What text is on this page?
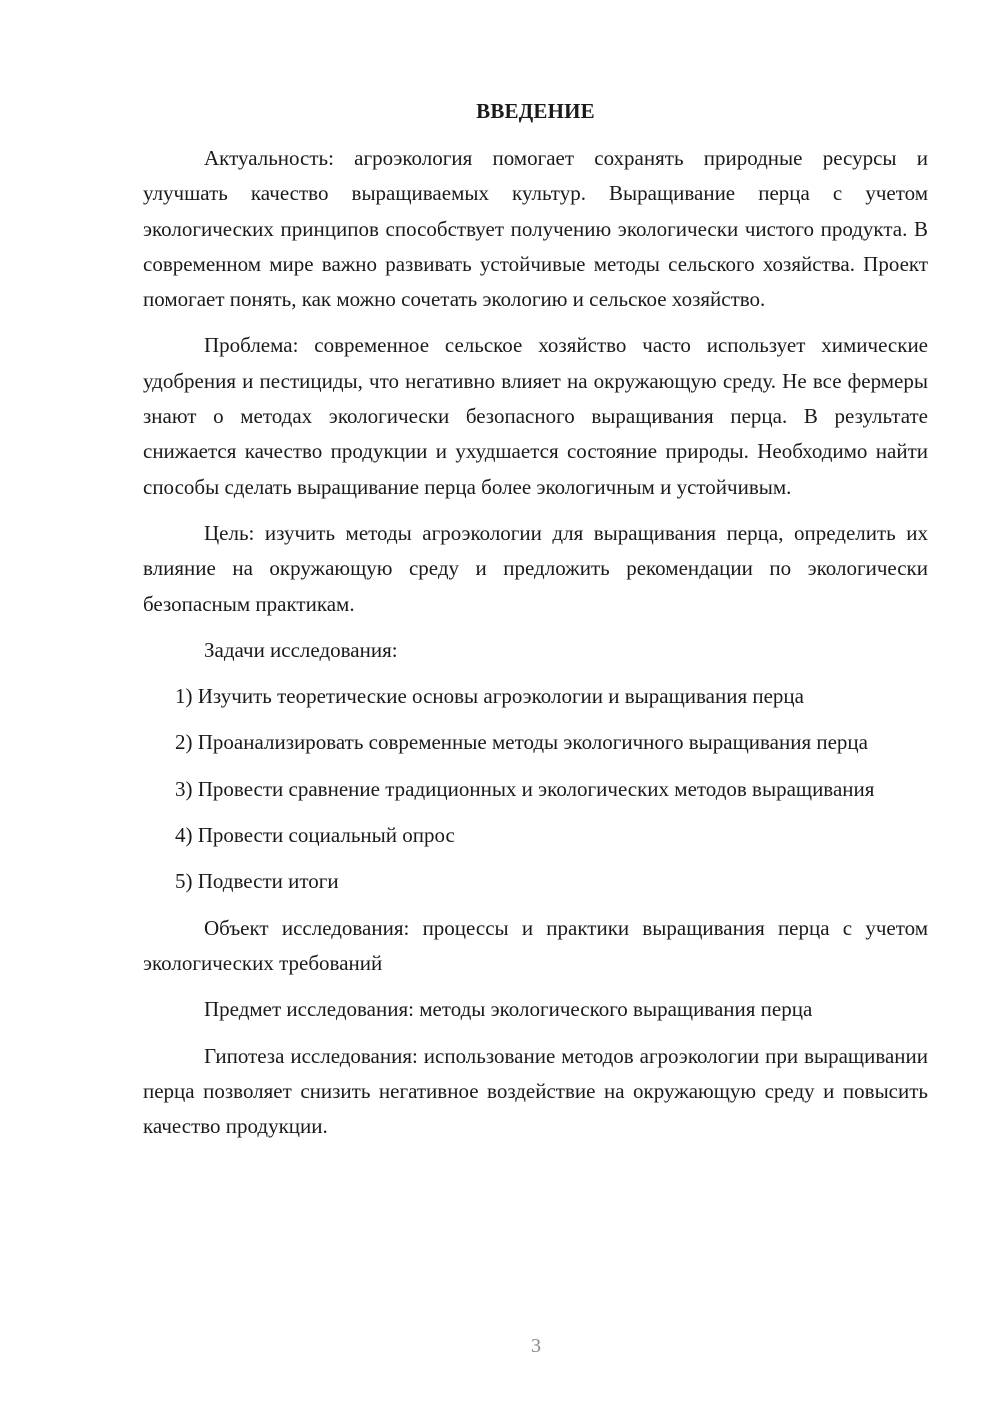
ВВЕДЕНИЕ

Актуальность: агроэкология помогает сохранять природные ресурсы и улучшать качество выращиваемых культур. Выращивание перца с учетом экологических принципов способствует получению экологически чистого продукта. В современном мире важно развивать устойчивые методы сельского хозяйства. Проект помогает понять, как можно сочетать экологию и сельское хозяйство.

Проблема: современное сельское хозяйство часто использует химические удобрения и пестициды, что негативно влияет на окружающую среду. Не все фермеры знают о методах экологически безопасного выращивания перца. В результате снижается качество продукции и ухудшается состояние природы. Необходимо найти способы сделать выращивание перца более экологичным и устойчивым.

Цель: изучить методы агроэкологии для выращивания перца, определить их влияние на окружающую среду и предложить рекомендации по экологически безопасным практикам.

Задачи исследования:

1) Изучить теоретические основы агроэкологии и выращивания перца

2) Проанализировать современные методы экологичного выращивания перца

3) Провести сравнение традиционных и экологических методов выращивания

4) Провести социальный опрос

5) Подвести итоги

Объект исследования: процессы и практики выращивания перца с учетом экологических требований

Предмет исследования: методы экологического выращивания перца

Гипотеза исследования: использование методов агроэкологии при выращивании перца позволяет снизить негативное воздействие на окружающую среду и повысить качество продукции.

3
